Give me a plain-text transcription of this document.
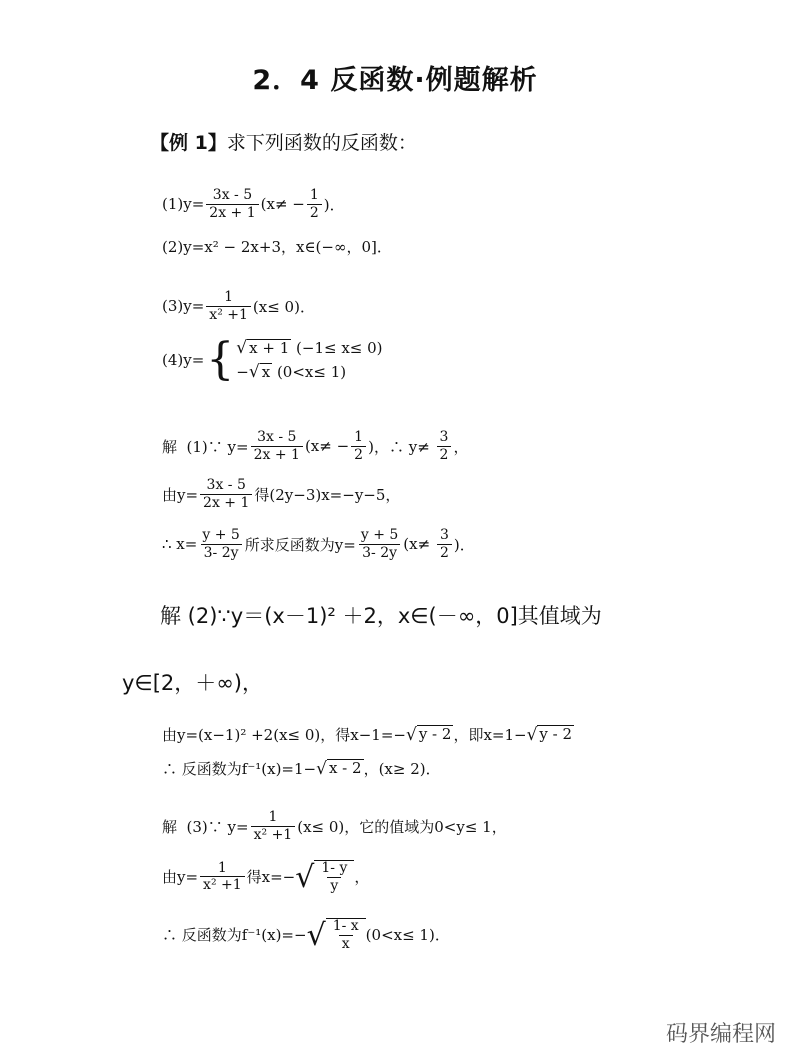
2．4 反函数·例题解析
【例 1】求下列函数的反函数：
$(1)y= \frac{3x - 5}{2x + 1} (x\ne - \frac{1}{2}$ )．
(2)y=x² − 2x+3，x∈(−∞，0]．
$(3)y= \frac{1}{\text{x² +1}} (x\le 0)$．
(4)y= { √ x + 1 (−1≤ x≤ 0)
− √ x (0<x≤ 1)
解  (1)∵ $y= \frac{3x - 5}{2x + 1} (x\ne - \frac{1}{2}$ )，∴ $y\ne \frac{3}{2}$ ，
由$y= \frac{3x - 5}{2x + 1}$ 得(2y−3)x=−y−5，
∴ $x= \frac{y + 5}{3- 2y}$ 所求反函数为$y= \frac{y + 5}{3- 2y} (x\ne \frac{3}{2}$ )．
解 (2)∵y＝(x－1)² ＋2，x∈(－∞，0]其值域为
y∈[2，＋∞)，
由y=(x−1)² +2(x≤ 0)，得x−1=− √ y - 2 ，即x=1− √ y - 2
∴ 反函数为f⁻¹(x)=1− √ x - 2 ，(x≥ 2)．
解  (3)∵ $y= \frac{1}{\text{x² +1}} (x\le 0)$，它的值域为0<y≤ 1，
由$y= \frac{1}{\text{x² +1}}$ 得x=− √ $\frac{1- y}{y}$ ，
∴ 反函数为f⁻¹(x)=− √ $\frac{1- x}{x} (0<x\le 1)$．
码界编程网
